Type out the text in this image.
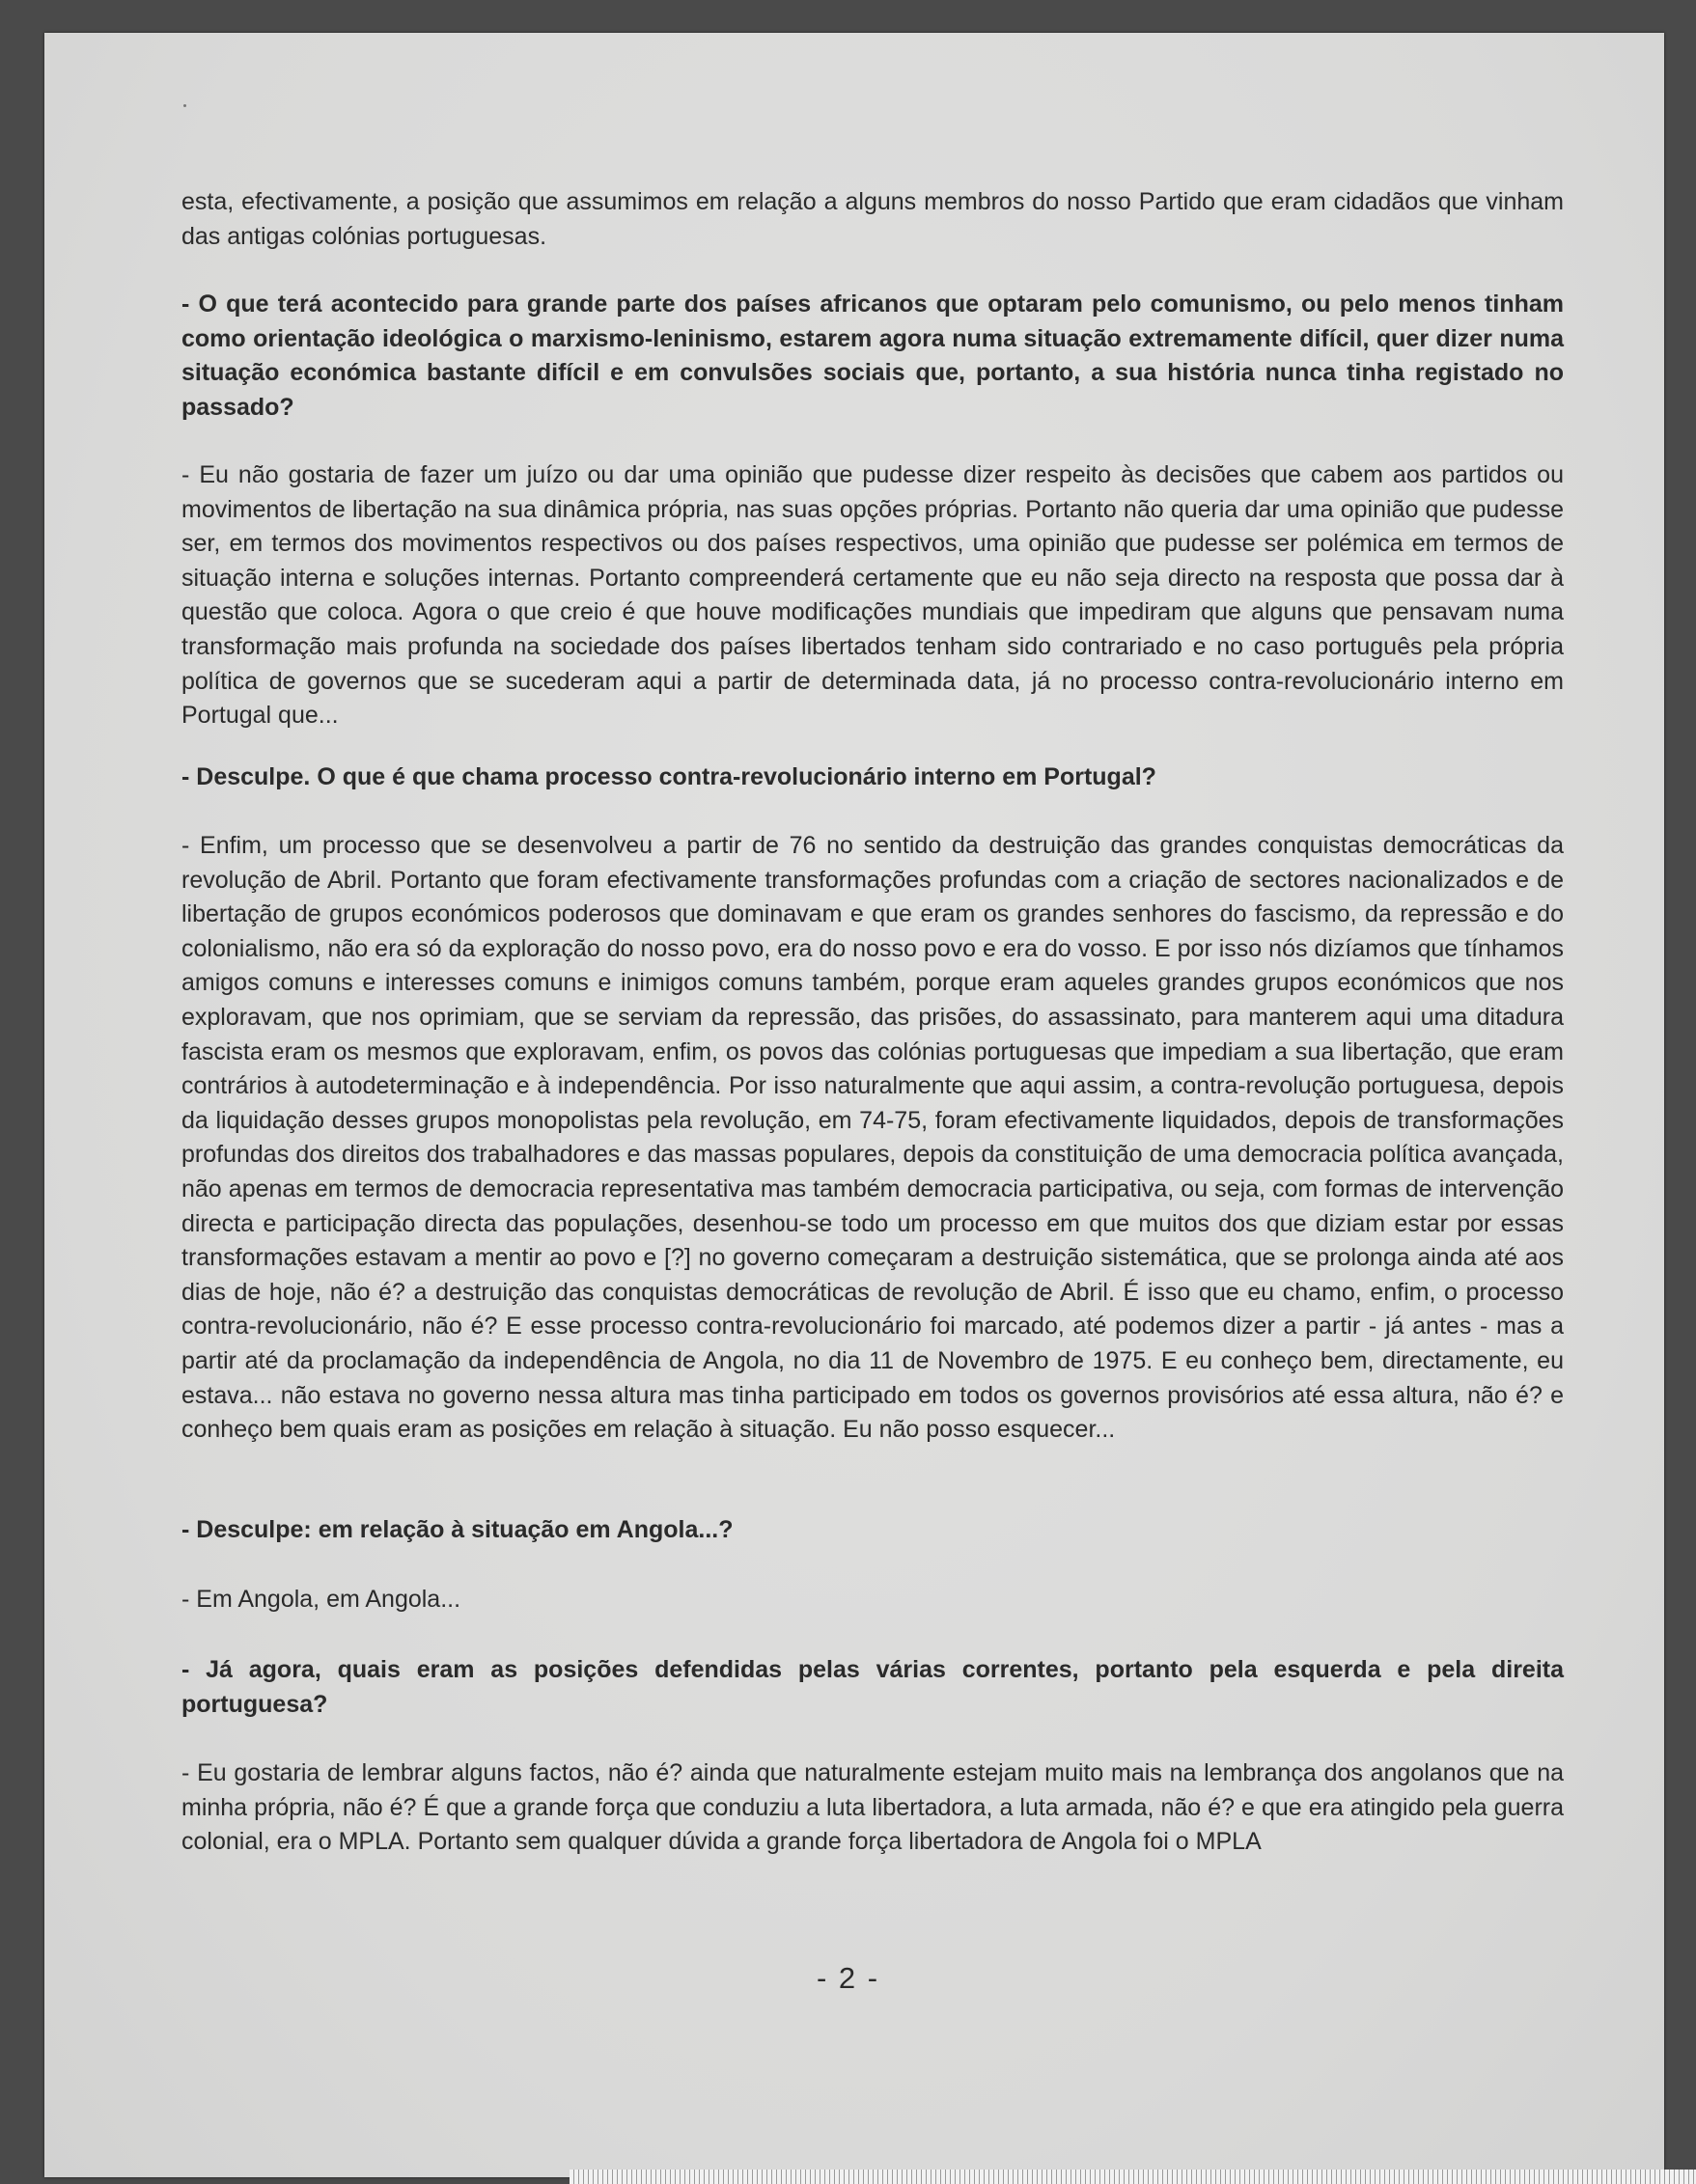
esta, efectivamente, a posição que assumimos em relação a alguns membros do nosso Partido que eram cidadãos que vinham das antigas colónias portuguesas.
- O que terá acontecido para grande parte dos países africanos que optaram pelo comunismo, ou pelo menos tinham como orientação ideológica o marxismo-leninismo, estarem agora numa situação extremamente difícil, quer dizer numa situação económica bastante difícil e em convulsões sociais que, portanto, a sua história nunca tinha registado no passado?
- Eu não gostaria de fazer um juízo ou dar uma opinião que pudesse dizer respeito às decisões que cabem aos partidos ou movimentos de libertação na sua dinâmica própria, nas suas opções próprias. Portanto não queria dar uma opinião que pudesse ser, em termos dos movimentos respectivos ou dos países respectivos, uma opinião que pudesse ser polémica em termos de situação interna e soluções internas. Portanto compreenderá certamente que eu não seja directo na resposta que possa dar à questão que coloca. Agora o que creio é que houve modificações mundiais que impediram que alguns que pensavam numa transformação mais profunda na sociedade dos países libertados tenham sido contrariado e no caso português pela própria política de governos que se sucederam aqui a partir de determinada data, já no processo contra-revolucionário interno em Portugal que...
- Desculpe. O que é que chama processo contra-revolucionário interno em Portugal?
- Enfim, um processo que se desenvolveu a partir de 76 no sentido da destruição das grandes conquistas democráticas da revolução de Abril. Portanto que foram efectivamente transformações profundas com a criação de sectores nacionalizados e de libertação de grupos económicos poderosos que dominavam e que eram os grandes senhores do fascismo, da repressão e do colonialismo, não era só da exploração do nosso povo, era do nosso povo e era do vosso. E por isso nós dizíamos que tínhamos amigos comuns e interesses comuns e inimigos comuns também, porque eram aqueles grandes grupos económicos que nos exploravam, que nos oprimiam, que se serviam da repressão, das prisões, do assassinato, para manterem aqui uma ditadura fascista eram os mesmos que exploravam, enfim, os povos das colónias portuguesas que impediam a sua libertação, que eram contrários à autodeterminação e à independência. Por isso naturalmente que aqui assim, a contra-revolução portuguesa, depois da liquidação desses grupos monopolistas pela revolução, em 74-75, foram efectivamente liquidados, depois de transformações profundas dos direitos dos trabalhadores e das massas populares, depois da constituição de uma democracia política avançada, não apenas em termos de democracia representativa mas também democracia participativa, ou seja, com formas de intervenção directa e participação directa das populações, desenhou-se todo um processo em que muitos dos que diziam estar por essas transformações estavam a mentir ao povo e [?] no governo começaram a destruição sistemática, que se prolonga ainda até aos dias de hoje, não é? a destruição das conquistas democráticas de revolução de Abril. É isso que eu chamo, enfim, o processo contra-revolucionário, não é? E esse processo contra-revolucionário foi marcado, até podemos dizer a partir - já antes - mas a partir até da proclamação da independência de Angola, no dia 11 de Novembro de 1975. E eu conheço bem, directamente, eu estava... não estava no governo nessa altura mas tinha participado em todos os governos provisórios até essa altura, não é? e conheço bem quais eram as posições em relação à situação. Eu não posso esquecer...
- Desculpe: em relação à situação em Angola...?
- Em Angola, em Angola...
- Já agora, quais eram as posições defendidas pelas várias correntes, portanto pela esquerda e pela direita portuguesa?
- Eu gostaria de lembrar alguns factos, não é? ainda que naturalmente estejam muito mais na lembrança dos angolanos que na minha própria, não é? É que a grande força que conduziu a luta libertadora, a luta armada, não é? e que era atingido pela guerra colonial, era o MPLA. Portanto sem qualquer dúvida a grande força libertadora de Angola foi o MPLA
- 2 -
